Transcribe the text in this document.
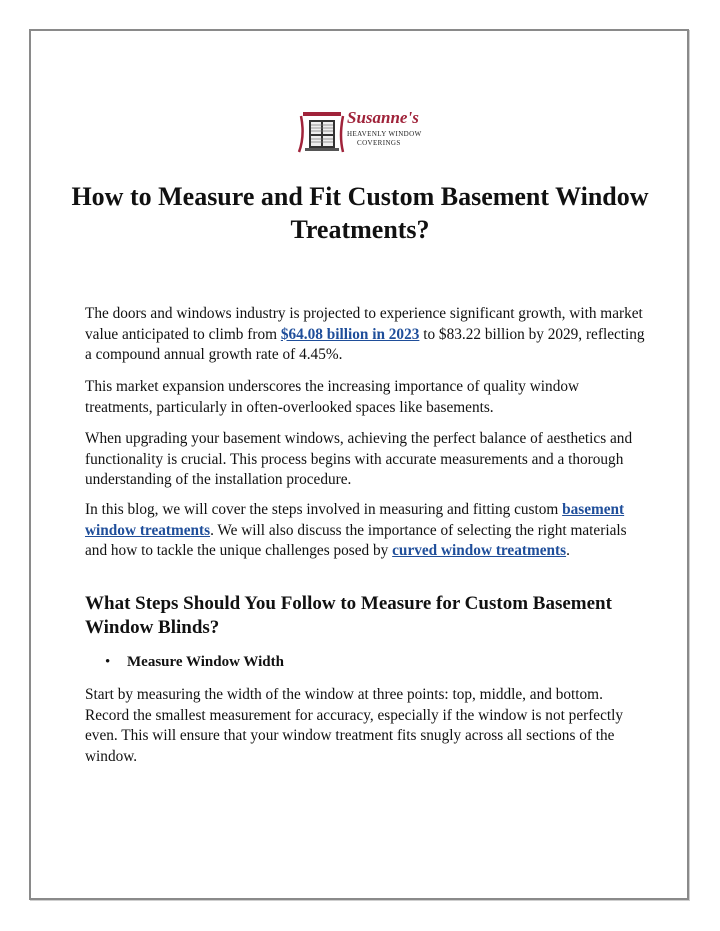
Susanne's
HEAVENLY WINDOW
COVERINGS
How to Measure and Fit Custom Basement Window Treatments?

The doors and windows industry is projected to experience significant growth, with market value anticipated to climb from $64.08 billion in 2023 to $83.22 billion by 2029, reflecting a compound annual growth rate of 4.45%.

This market expansion underscores the increasing importance of quality window treatments, particularly in often-overlooked spaces like basements.

When upgrading your basement windows, achieving the perfect balance of aesthetics and functionality is crucial. This process begins with accurate measurements and a thorough understanding of the installation procedure.

In this blog, we will cover the steps involved in measuring and fitting custom basement window treatments. We will also discuss the importance of selecting the right materials and how to tackle the unique challenges posed by curved window treatments.

What Steps Should You Follow to Measure for Custom Basement Window Blinds?
• Measure Window Width

Start by measuring the width of the window at three points: top, middle, and bottom. Record the smallest measurement for accuracy, especially if the window is not perfectly even. This will ensure that your window treatment fits snugly across all sections of the window.
